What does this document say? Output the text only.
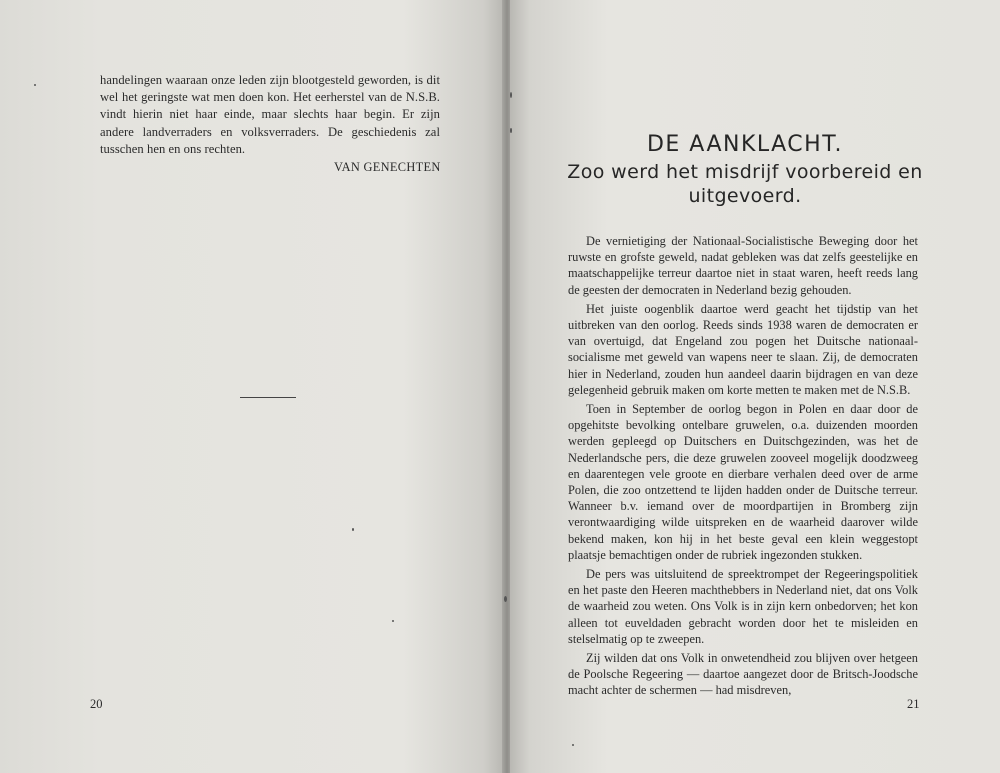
handelingen waaraan onze leden zijn blootgesteld geworden, is dit wel het geringste wat men doen kon. Het eerherstel van de N.S.B. vindt hierin niet haar einde, maar slechts haar begin. Er zijn andere landverraders en volksverraders. De geschiedenis zal tusschen hen en ons rechten.

VAN GENECHTEN
20
DE AANKLACHT.
Zoo werd het misdrijf voorbereid en uitgevoerd.

De vernietiging der Nationaal-Socialistische Beweging door het ruwste en grofste geweld, nadat gebleken was dat zelfs geestelijke en maatschappelijke terreur daartoe niet in staat waren, heeft reeds lang de geesten der democraten in Nederland bezig gehouden.

Het juiste oogenblik daartoe werd geacht het tijdstip van het uitbreken van den oorlog. Reeds sinds 1938 waren de democraten er van overtuigd, dat Engeland zou pogen het Duitsche nationaal-socialisme met geweld van wapens neer te slaan. Zij, de democraten hier in Nederland, zouden hun aandeel daarin bijdragen en van deze gelegenheid gebruik maken om korte metten te maken met de N.S.B.

Toen in September de oorlog begon in Polen en daar door de opgehitste bevolking ontelbare gruwelen, o.a. duizenden moorden werden gepleegd op Duitschers en Duitschgezinden, was het de Nederlandsche pers, die deze gruwelen zooveel mogelijk doodzweeg en daarentegen vele groote en dierbare verhalen deed over de arme Polen, die zoo ontzettend te lijden hadden onder de Duitsche terreur. Wanneer b.v. iemand over de moordpartijen in Bromberg zijn verontwaardiging wilde uitspreken en de waarheid daarover wilde bekend maken, kon hij in het beste geval een klein weggestopt plaatsje bemachtigen onder de rubriek ingezonden stukken.

De pers was uitsluitend de spreektrompet der Regeeringspolitiek en het paste den Heeren machthebbers in Nederland niet, dat ons Volk de waarheid zou weten. Ons Volk is in zijn kern onbedorven; het kon alleen tot euveldaden gebracht worden door het te misleiden en stelselmatig op te zweepen.

Zij wilden dat ons Volk in onwetendheid zou blijven over hetgeen de Poolsche Regeering — daartoe aangezet door de Britsch-Joodsche macht achter de schermen — had misdreven,

21
